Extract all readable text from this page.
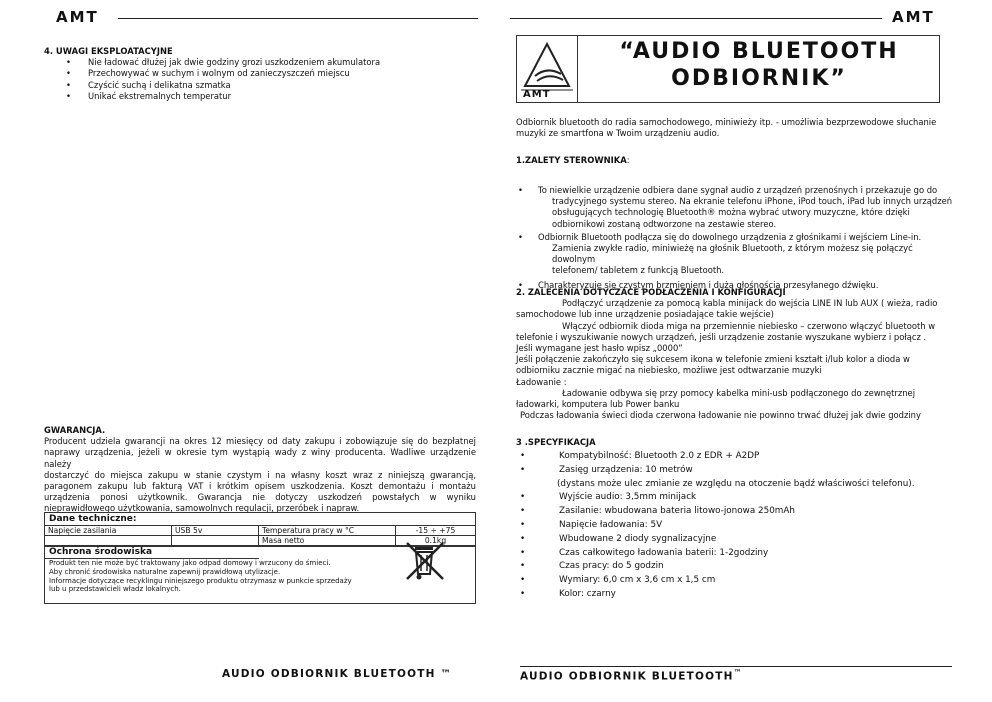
AMT
4. UWAGI EKSPLOATACYJNE
• Nie ładować dłużej jak dwie godziny grozi uszkodzeniem akumulatora
• Przechowywać w suchym i wolnym od zanieczyszczeń miejscu
• Czyścić suchą i delikatna szmatka
• Unikać ekstremalnych temperatur
GWARANCJA.
Producent udziela gwarancji na okres 12 miesięcy od daty zakupu i zobowiązuje się do bezpłatnej
naprawy urządzenia, jeżeli w okresie tym wystąpią wady z winy producenta. Wadliwe urządzenie należy
dostarczyć do miejsca zakupu w stanie czystym i na własny koszt wraz z niniejszą gwarancją,
paragonem zakupu lub fakturą VAT i krótkim opisem uszkodzenia. Koszt demontażu i montażu
urządzenia ponosi użytkownik. Gwarancja nie dotyczy uszkodzeń powstałych w wyniku
nieprawidłowego użytkowania, samowolnych regulacji, przeróbek i napraw.
Dane techniczne:
Napięcie zasilania	USB 5v	Temperatura pracy w °C	-15 ÷ +75
		Masa netto	0.1kg
Ochrona środowiska
Produkt ten nie może być traktowany jako odpad domowy i wrzucony do śmieci.
Aby chronić środowiska naturalne zapewnij prawidłową utylizacje.
Informacje dotyczące recyklingu niniejszego produktu otrzymasz w punkcie sprzedaży
lub u przedstawicieli władz lokalnych.
AUDIO ODBIORNIK BLUETOOTH ™
AMT
AMT
“AUDIO BLUETOOTH
ODBIORNIK”
Odbiornik bluetooth do radia samochodowego, miniwieży itp. - umożliwia bezprzewodowe słuchanie
muzyki ze smartfona w Twoim urządzeniu audio.
1.ZALETY STEROWNIKA:
• To niewielkie urządzenie odbiera dane sygnał audio z urządzeń przenośnych i przekazuje go do
tradycyjnego systemu stereo. Na ekranie telefonu iPhone, iPod touch, iPad lub innych urządzeń
obsługujących technologię Bluetooth® można wybrać utwory muzyczne, które dzięki
odbiornikowi zostaną odtworzone na zestawie stereo.
• Odbiornik Bluetooth podłącza się do dowolnego urządzenia z głośnikami i wejściem Line-in.
Zamienia zwykłe radio, miniwieżę na głośnik Bluetooth, z którym możesz się połączyć dowolnym
telefonem/ tabletem z funkcją Bluetooth.
• Charakteryzuje się czystym brzmieniem i dużą głośnością przesyłanego dźwięku.
2. ZALECENIA DOTYCZACE PODŁACZENIA I KONFIGURACJI
Podłączyć urządzenie za pomocą kabla minijack do wejścia LINE IN lub AUX ( wieża, radio
samochodowe lub inne urządzenie posiadające takie wejście)
Włączyć odbiornik dioda miga na przemiennie niebiesko – czerwono włączyć bluetooth w
telefonie i wyszukiwanie nowych urządzeń, jeśli urządzenie zostanie wyszukane wybierz i połącz .
Jeśli wymagane jest hasło wpisz „0000”
Jeśli połączenie zakończyło się sukcesem ikona w telefonie zmieni kształt i/lub kolor a dioda w
odbiorniku zacznie migać na niebiesko, możliwe jest odtwarzanie muzyki
Ładowanie :
Ładowanie odbywa się przy pomocy kabelka mini-usb podłączonego do zewnętrznej
ładowarki, komputera lub Power banku
Podczas ładowania świeci dioda czerwona ładowanie nie powinno trwać dłużej jak dwie godziny
3 .SPECYFIKACJA
•	Kompatybilność: Bluetooth 2.0 z EDR + A2DP
•	Zasięg urządzenia: 10 metrów
(dystans może ulec zmianie ze względu na otoczenie bądź właściwości telefonu).
•	Wyjście audio: 3,5mm minijack
•	Zasilanie: wbudowana bateria litowo-jonowa 250mAh
•	Napięcie ładowania: 5V
•	Wbudowane 2 diody sygnalizacyjne
•	Czas całkowitego ładowania baterii: 1-2godziny
•	Czas pracy: do 5 godzin
•	Wymiary: 6,0 cm x 3,6 cm x 1,5 cm
•	Kolor: czarny
AUDIO ODBIORNIK BLUETOOTH™
